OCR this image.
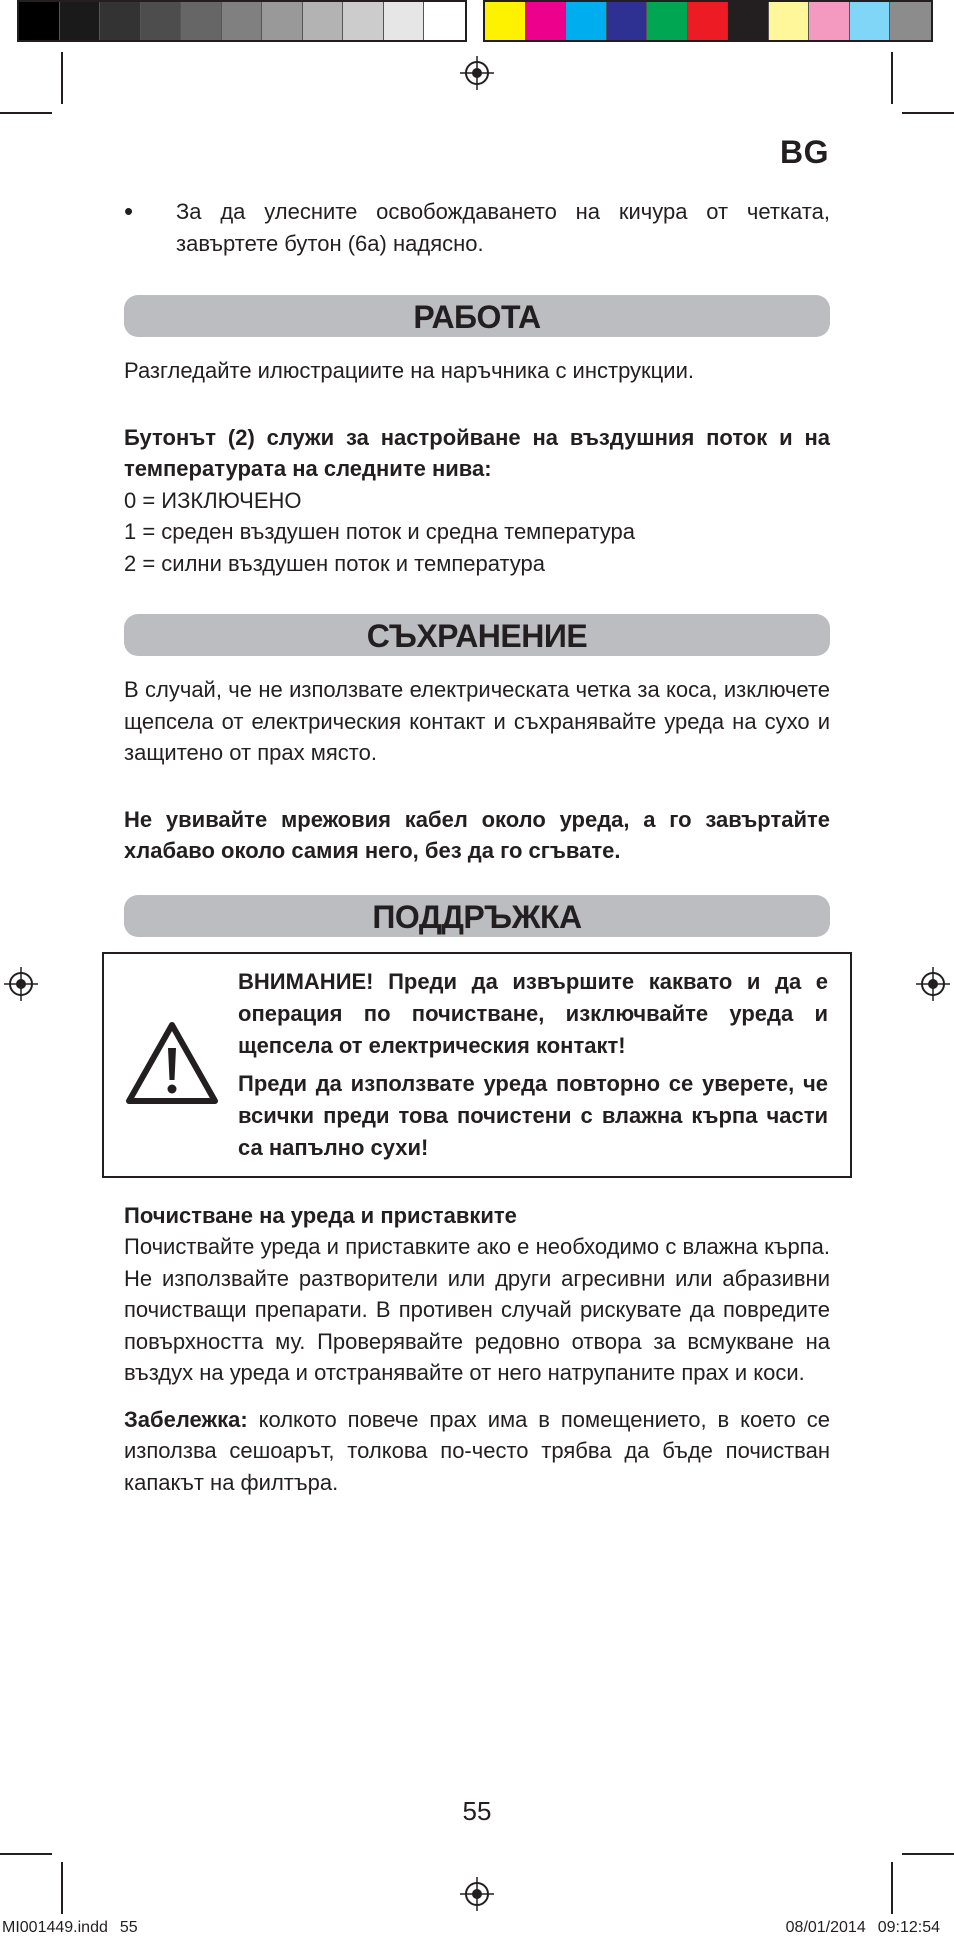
BG
• За да улесните освобождаването на кичура от четката, завъртете бутон (6a) надясно.
РАБОТА

Разгледайте илюстрациите на наръчника с инструкции.

Бутонът (2) служи за настройване на въздушния поток и на температурата на следните нива:

0 = ИЗКЛЮЧЕНО

1 = среден въздушен поток и средна температура

2 = силни въздушен поток и температура

СЪХРАНЕНИЕ

В случай, че не използвате електрическата четка за коса, изключете щепсела от електрическия контакт и съхранявайте уреда на сухо и защитено от прах място.

Не увивайте мрежовия кабел около уреда, а го завъртайте хлабаво около самия него, без да го сгъвате.

ПОДДРЪЖКА

ВНИМАНИЕ! Преди да извършите каквато и да е операция по почистване, изключвайте уреда и щепсела от електрическия контакт!

Преди да използвате уреда повторно се уверете, че всички преди това почистени с влажна кърпа части са напълно сухи!

Почистване на уреда и приставките

Почиствайте уреда и приставките ако е необходимо с влажна кърпа. Не използвайте разтворители или други агресивни или абразивни почистващи препарати. В противен случай рискувате да повредите повърхността му. Проверявайте редовно отвора за всмукване на въздух на уреда и отстранявайте от него натрупаните прах и коси.

Забележка: колкото повече прах има в помещението, в което се използва сешоарът, толкова по-често трябва да бъде почистван капакът на филтъра.

55
MI001449.indd 55	08/01/2014 09:12:54
